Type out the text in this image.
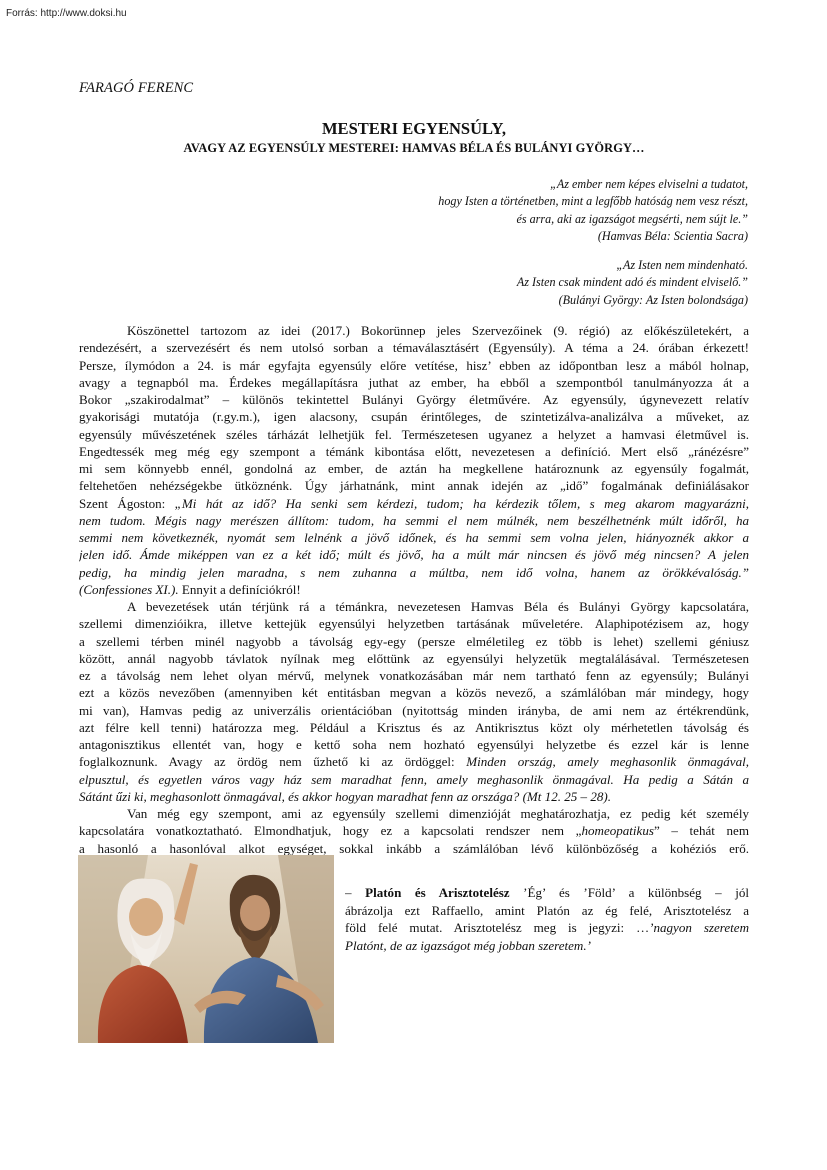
Forrás: http://www.doksi.hu
FARAGÓ FERENC
MESTERI EGYENSÚLY,
AVAGY AZ EGYENSÚLY MESTEREI: HAMVAS BÉLA ÉS BULÁNYI GYÖRGY…
„Az ember nem képes elviselni a tudatot,
hogy Isten a történetben, mint a legfőbb hatóság nem vesz részt,
és arra, aki az igazságot megsérti, nem sújt le.”
(Hamvas Béla: Scientia Sacra)
„Az Isten nem mindenható.
Az Isten csak mindent adó és mindent elviselő.”
(Bulányi György: Az Isten bolondsága)
Köszönettel tartozom az idei (2017.) Bokorünnep jeles Szervezőinek (9. régió) az előkészületekért, a
rendezésért, a szervezésért és nem utolsó sorban a témaválasztásért (Egyensúly). A téma a 24. órában érkezett!
Persze, ílymódon a 24. is már egyfajta egyensúly előre vetítése, hisz’ ebben az időpontban lesz a mából holnap,
avagy a tegnapból ma. Érdekes megállapításra juthat az ember, ha ebből a szempontból tanulmányozza át a
Bokor „szakirodalmat” – különös tekintettel Bulányi György életművére. Az egyensúly, úgynevezett relatív
gyakorisági mutatója (r.gy.m.), igen alacsony, csupán érintőleges, de szintetizálva-analizálva a műveket, az
egyensúly művészetének széles tárházát lelhetjük fel. Természetesen ugyanez a helyzet a hamvasi életművel is.
Engedtessék meg még egy szempont a témánk kibontása előtt, nevezetesen a definíció. Mert első „ránézésre”
mi sem könnyebb ennél, gondolná az ember, de aztán ha megkellene határoznunk az egyensúly fogalmát,
feltehetően nehézségekbe ütköznénk. Úgy járhatnánk, mint annak idején az „idő” fogalmának definiálásakor
Szent Ágoston: „Mi hát az idő? Ha senki sem kérdezi, tudom; ha kérdezik tőlem, s meg akarom magyarázni,
nem tudom. Mégis nagy merészen állítom: tudom, ha semmi el nem múlnék, nem beszélhetnénk múlt időről, ha
semmi nem következnék, nyomát sem lelnénk a jövő időnek, és ha semmi sem volna jelen, hiányoznék akkor a
jelen idő. Ámde miképpen van ez a két idő; múlt és jövő, ha a múlt már nincsen és jövő még nincsen? A jelen
pedig, ha mindig jelen maradna, s nem zuhanna a múltba, nem idő volna, hanem az örökkévalóság.”
(Confessiones XI.). Ennyit a definíciókról!
A bevezetések után térjünk rá a témánkra, nevezetesen Hamvas Béla és Bulányi György kapcsolatára,
szellemi dimenzióikra, illetve kettejük egyensúlyi helyzetben tartásának műveletére. Alaphipotézisem az, hogy
a szellemi térben minél nagyobb a távolság egy-egy (persze elméletileg ez több is lehet) szellemi géniusz
között, annál nagyobb távlatok nyílnak meg előttünk az egyensúlyi helyzetük megtalálásával. Természetesen
ez a távolság nem lehet olyan mérvű, melynek vonatkozásában már nem tartható fenn az egyensúly; Bulányi
ezt a közös nevezőben (amennyiben két entitásban megvan a közös nevező, a számlálóban már mindegy, hogy
mi van), Hamvas pedig az univerzális orientációban (nyitottság minden irányba, de ami nem az értékrendünk,
azt félre kell tenni) határozza meg. Például a Krisztus és az Antikrisztus közt oly mérhetetlen távolság és
antagonisztikus ellentét van, hogy e kettő soha nem hozható egyensúlyi helyzetbe és ezzel kár is lenne
foglalkoznunk. Avagy az ördög nem űzhető ki az ördöggel: Minden ország, amely meghasonlik önmagával,
elpusztul, és egyetlen város vagy ház sem maradhat fenn, amely meghasonlik önmagával. Ha pedig a Sátán a
Sátánt űzi ki, meghasonlott önmagával, és akkor hogyan maradhat fenn az országa? (Mt 12. 25 – 28).
Van még egy szempont, ami az egyensúly szellemi dimenzióját meghatározhatja, ez pedig két személy
kapcsolatára vonatkoztatható. Elmondhatjuk, hogy ez a kapcsolati rendszer nem „homeopatikus” – tehát nem
a hasonló a hasonlóval alkot egységet, sokkal inkább a számlálóban lévő különbözőség a kohéziós erő.
– Platón és Arisztotelész ’Ég’ és ’Föld’ a különbség – jól
ábrázolja ezt Raffaello, amint Platón az ég felé, Arisztotelész a
föld felé mutat. Arisztotelész meg is jegyzi: …’nagyon szeretem
Platónt, de az igazságot még jobban szeretem.’
